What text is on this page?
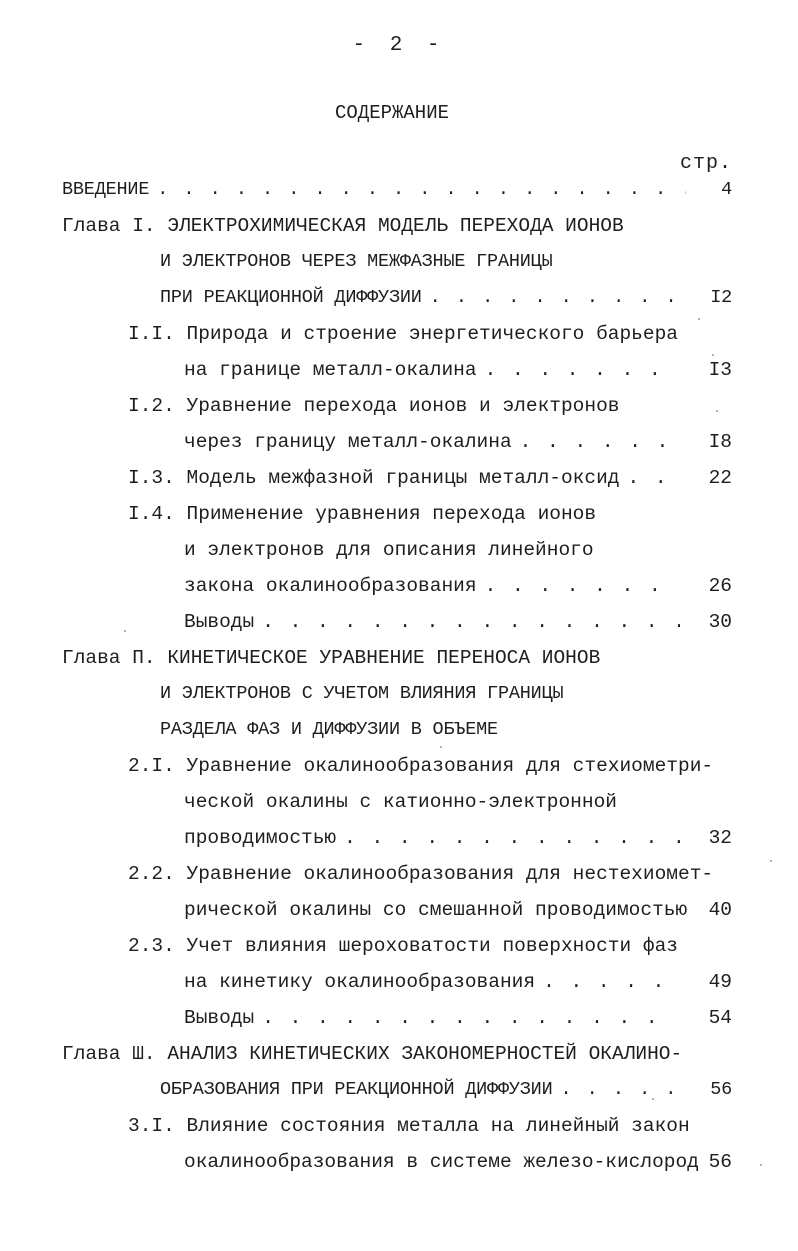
- 2 -
СОДЕРЖАНИЕ
стр.
ВВЕДЕНИЕ . . .	4
Глава I. ЭЛЕКТРОХИМИЧЕСКАЯ МОДЕЛЬ ПЕРЕХОДА ИОНОВ
И ЭЛЕКТРОНОВ ЧЕРЕЗ МЕЖФАЗНЫЕ ГРАНИЦЫ
ПРИ РЕАКЦИОННОЙ ДИФФУЗИИ . . .	I2
I.I. Природа и строение энергетического барьера
на границе металл-окалина . . .	I3
I.2. Уравнение перехода ионов и электронов
через границу металл-окалина . . .	I8
I.3. Модель межфазной границы металл-оксид . . .	22
I.4. Применение уравнения перехода ионов
и электронов для описания линейного
закона окалинообразования . . .	26
Выводы . . .	30
Глава П. КИНЕТИЧЕСКОЕ УРАВНЕНИЕ ПЕРЕНОСА ИОНОВ
И ЭЛЕКТРОНОВ С УЧЕТОМ ВЛИЯНИЯ ГРАНИЦЫ
РАЗДЕЛА ФАЗ И ДИФФУЗИИ В ОБЪЕМЕ
2.I. Уравнение окалинообразования для стехиометри-
ческой окалины с катионно-электронной
проводимостью . . .	32
2.2. Уравнение окалинообразования для нестехиомет-
рической окалины со смешанной проводимостью	40
2.3. Учет влияния шероховатости поверхности фаз
на кинетику окалинообразования . . .	49
Выводы . . .	54
Глава Ш. АНАЛИЗ КИНЕТИЧЕСКИХ ЗАКОНОМЕРНОСТЕЙ ОКАЛИНО-
ОБРАЗОВАНИЯ ПРИ РЕАКЦИОННОЙ ДИФФУЗИИ . . .	56
3.I. Влияние состояния металла на линейный закон
окалинообразования в системе железо-кислород 56
